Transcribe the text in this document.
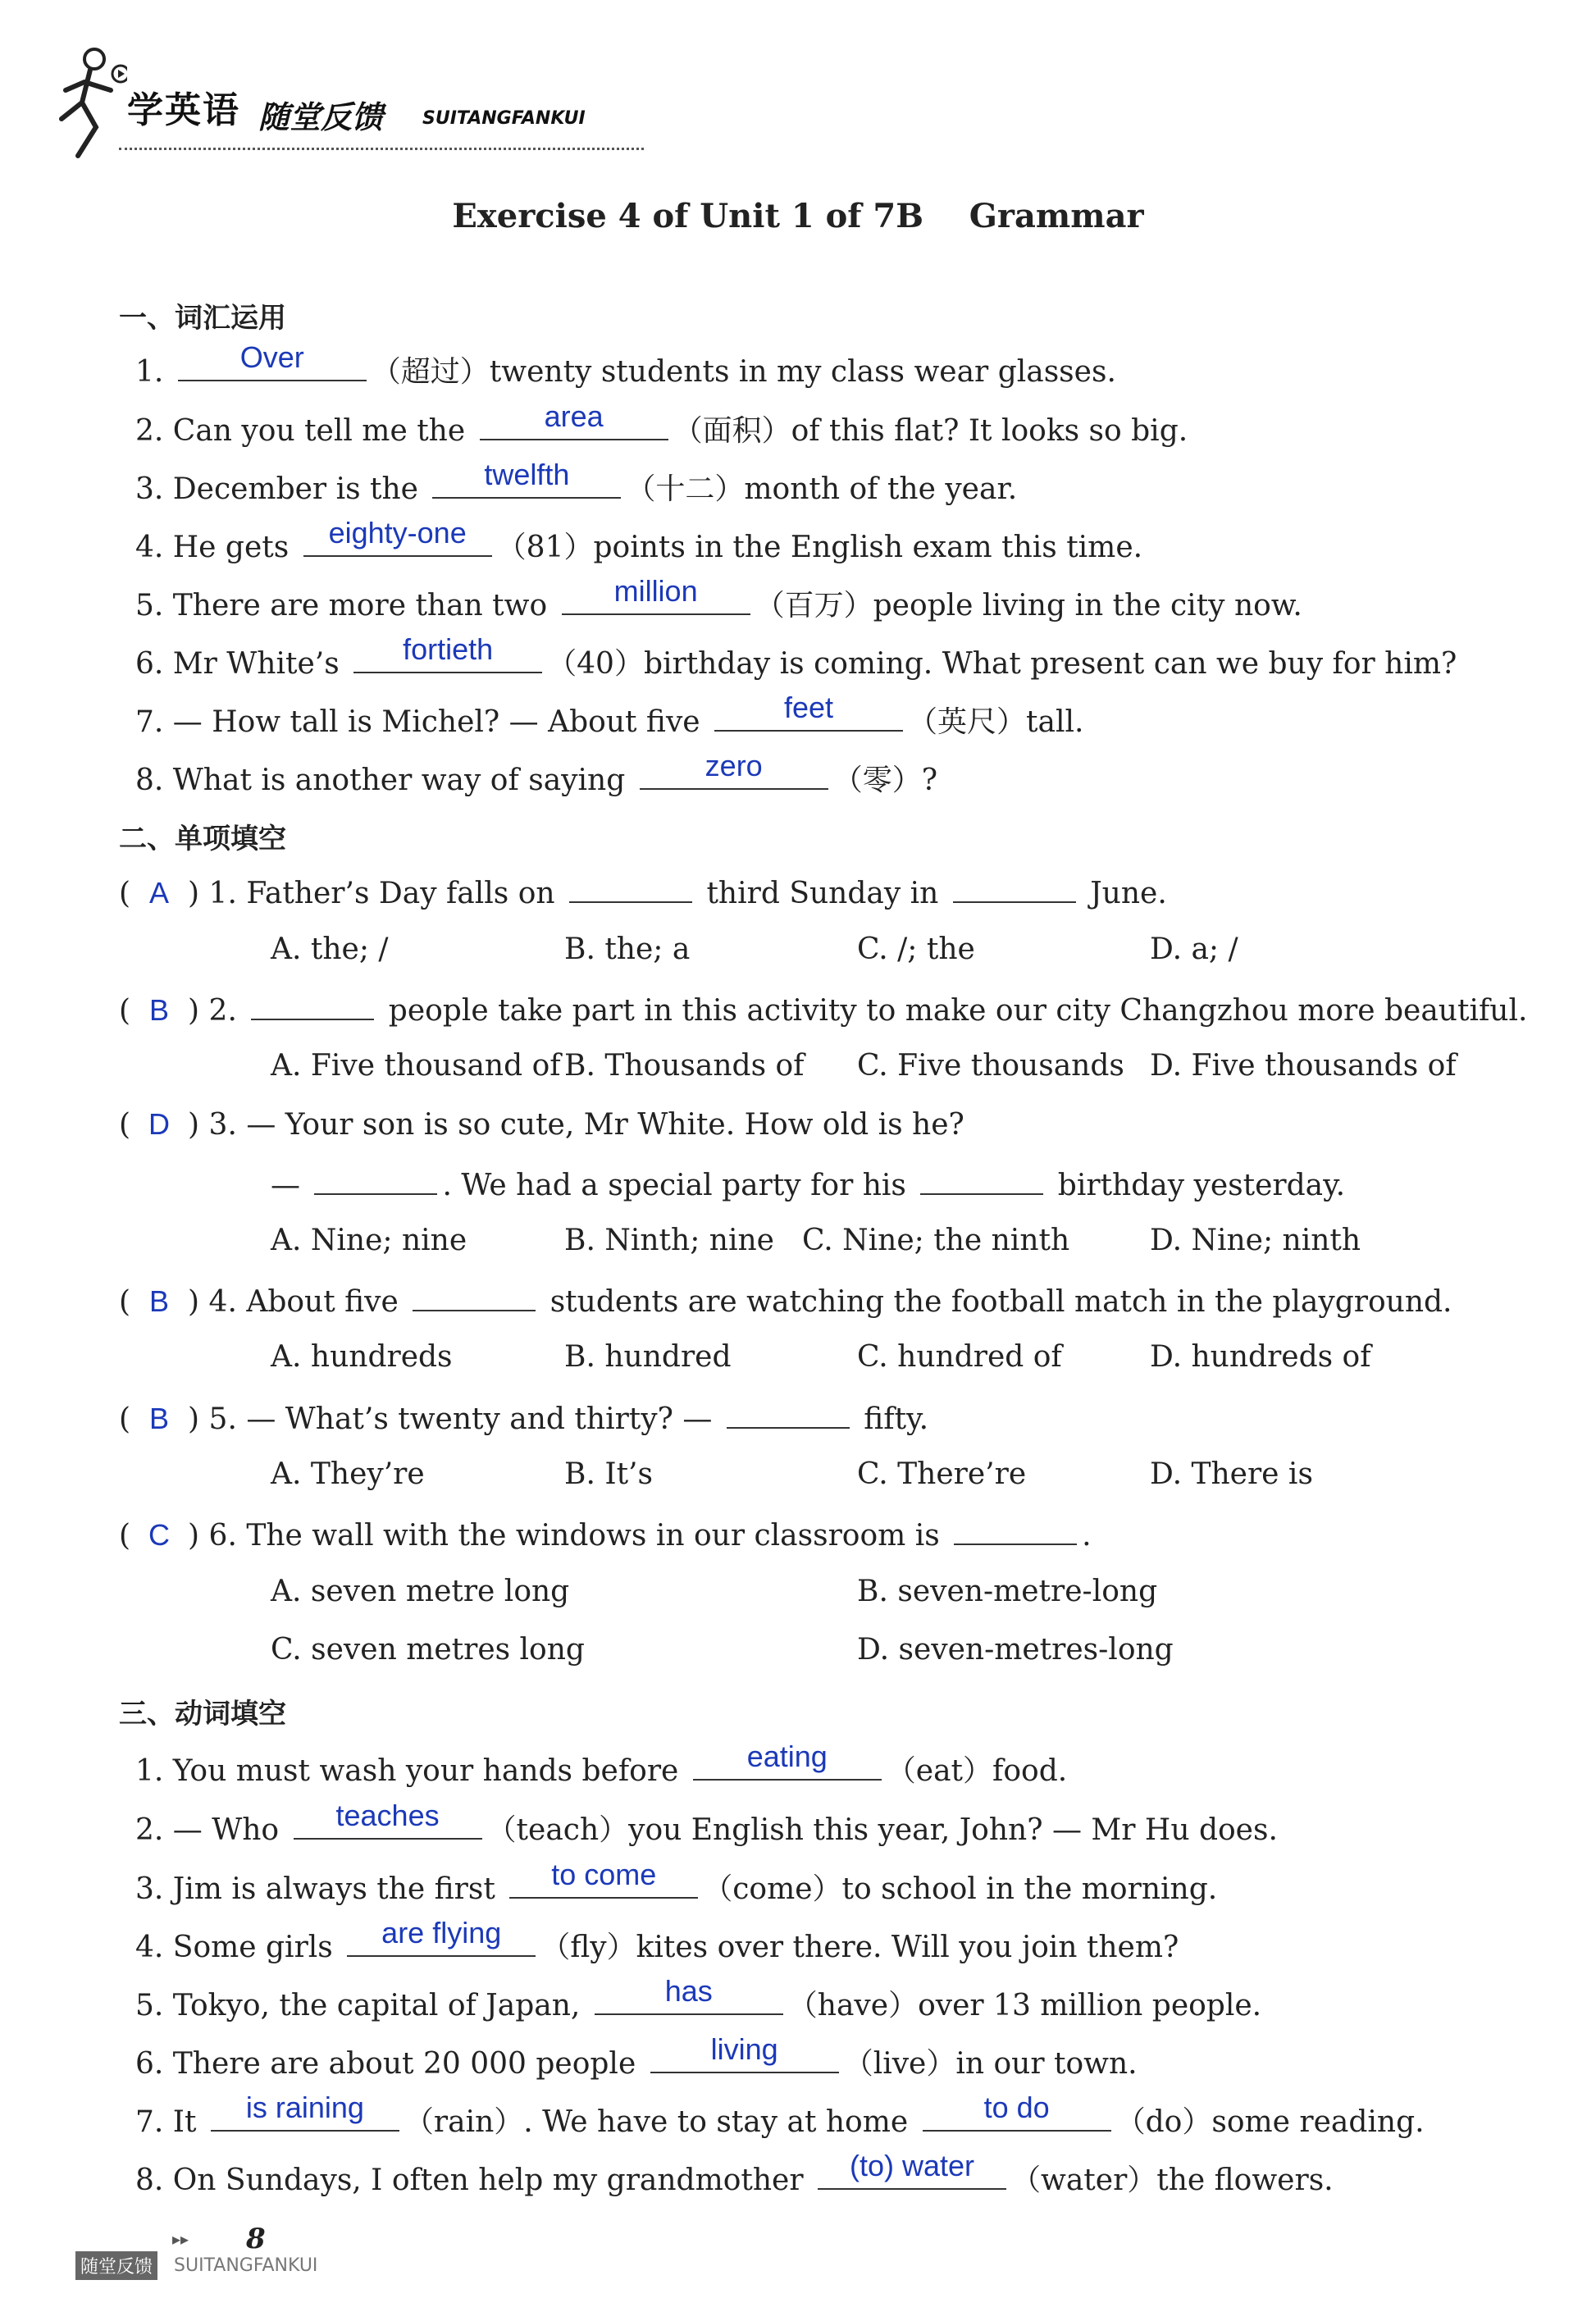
学英语 随堂反馈 SUITANGFANKUI
Exercise 4 of Unit 1 of 7B    Grammar
一、词汇运用
1.	Over	（超过）twenty students in my class wear glasses.
2. Can you tell me the	area	（面积）of this flat? It looks so big.
3. December is the	twelfth	（十二）month of the year.
4. He gets	eighty-one	（81）points in the English exam this time.
5. There are more than two	million	（百万）people living in the city now.
6. Mr White’s	fortieth	（40）birthday is coming. What present can we buy for him?
7. — How tall is Michel? — About five	feet	（英尺）tall.
8. What is another way of saying	zero	（零）?
二、单项填空
( A ) 1. Father’s Day falls on	third Sunday in	June.
A. the; /	B. the; a	C. /; the	D. a; /
( B ) 2.	people take part in this activity to make our city Changzhou more beautiful.
A. Five thousand of B. Thousands of C. Five thousands D. Five thousands of
( D ) 3. — Your son is so cute, Mr White. How old is he?
—	. We had a special party for his	birthday yesterday.
A. Nine; nine	B. Ninth; nine C. Nine; the ninth	D. Nine; ninth
( B ) 4. About five	students are watching the football match in the playground.
A. hundreds	B. hundred	C. hundred of	D. hundreds of
( B ) 5. — What’s twenty and thirty? —	fifty.
A. They’re	B. It’s	C. There’re	D. There is
( C ) 6. The wall with the windows in our classroom is	.
A. seven metre long	B. seven-metre-long
C. seven metres long	D. seven-metres-long
三、动词填空
1. You must wash your hands before	eating	（eat）food.
2. — Who	teaches	（teach）you English this year, John? — Mr Hu does.
3. Jim is always the first	to come	（come）to school in the morning.
4. Some girls	are flying	（fly）kites over there. Will you join them?
5. Tokyo, the capital of Japan,	has	（have）over 13 million people.
6. There are about 20 000 people	living	（live）in our town.
7. It	is raining	（rain）. We have to stay at home	to do	（do）some reading.
8. On Sundays, I often help my grandmother	(to) water	（water）the flowers.
▸▸ 8
随堂反馈 SUITANGFANKUI
